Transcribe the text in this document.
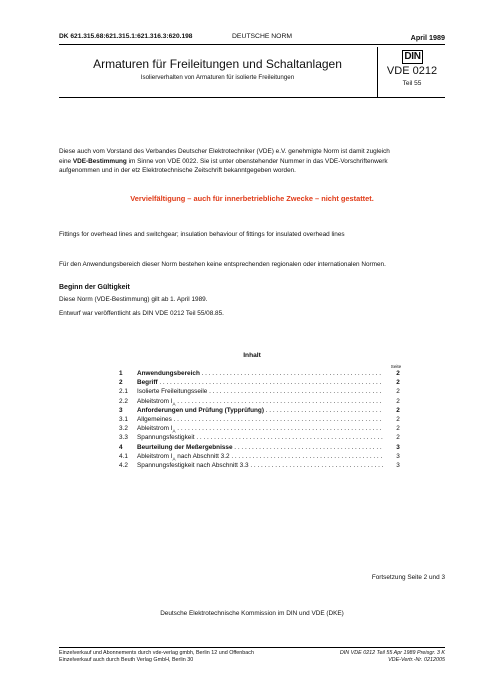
DK 621.315.68:621.315.1:621.316.3:620.198	DEUTSCHE NORM	April 1989
Armaturen für Freileitungen und Schaltanlagen
Isolierverhalten von Armaturen für isolierte Freileitungen
DIN
VDE 0212
Teil 55
Diese auch vom Vorstand des Verbandes Deutscher Elektrotechniker (VDE) e.V. genehmigte Norm ist damit zugleich
eine VDE-Bestimmung im Sinne von VDE 0022. Sie ist unter obenstehender Nummer in das VDE-Vorschriftenwerk
aufgenommen und in der etz Elektrotechnische Zeitschrift bekanntgegeben worden.
Vervielfältigung – auch für innerbetriebliche Zwecke – nicht gestattet.
Fittings for overhead lines and switchgear; insulation behaviour of fittings for insulated overhead lines
Für den Anwendungsbereich dieser Norm bestehen keine entsprechenden regionalen oder internationalen Normen.
Beginn der Gültigkeit
Diese Norm (VDE-Bestimmung) gilt ab 1. April 1989.
Entwurf war veröffentlicht als DIN VDE 0212 Teil 55/08.85.
Inhalt
Seite
1 Anwendungsbereich . . .	2
2 Begriff . . .	2
2.1 Isolierte Freileitungsseile . . .	2
2.2 Ableitstrom $I_A$ . . .	2
3 Anforderungen und Prüfung (Typprüfung) . . .	2
3.1 Allgemeines . . .	2
3.2 Ableitstrom $I_A$ . . .	2
3.3 Spannungsfestigkeit . . .	2
4 Beurteilung der Meßergebnisse . . .	3
4.1 Ableitstrom $I_A$ nach Abschnitt 3.2 . . .	3
4.2 Spannungsfestigkeit nach Abschnitt 3.3 . . .	3
Fortsetzung Seite 2 und 3
Deutsche Elektrotechnische Kommission im DIN und VDE (DKE)
Einzelverkauf und Abonnements durch vde-verlag gmbh, Berlin 12 und Offenbach
Einzelverkauf auch durch Beuth Verlag GmbH, Berlin 30
DIN VDE 0212 Teil 55 Apr 1989 Preisgr. 3 K
VDE-Vertr.-Nr. 0212005
